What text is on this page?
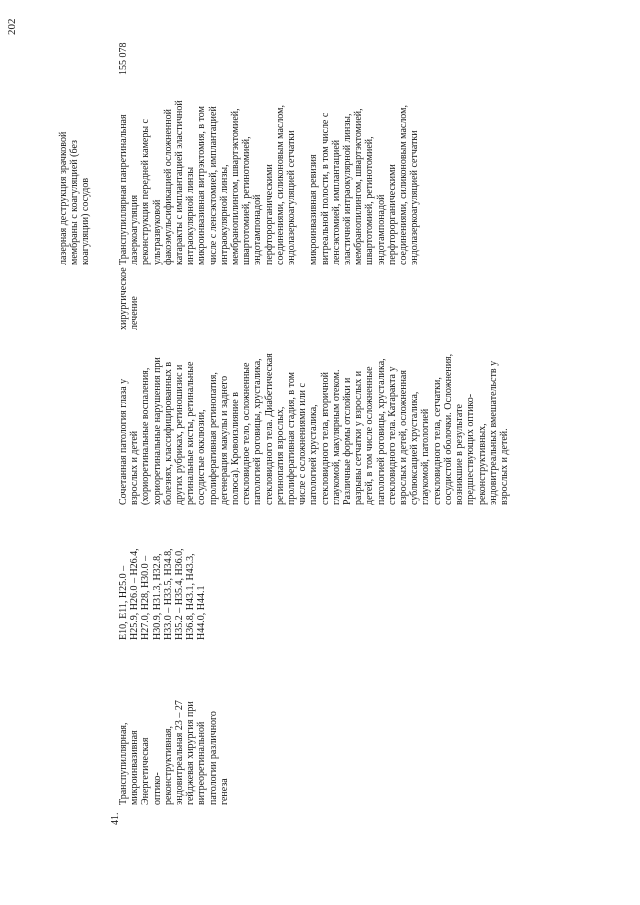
202
41.
Транспупиллярная, микроинвазивная Энергетическая оптико- реконструктивная, эндовитреальная 23 – 27 гейджевая хирургия при витреоретинальной патологии различного генеза
E10, E11, H25.0 – H25.9, H26.0 – H26.4, H27.0, H28, H30.0 – H30.9, H31.3, H32.8, H33.0 – H33.5, H34.8, H35.2 – H35.4, H36.0, H36.8, H43.1, H43.3, H44.0, H44.1
Сочетанная патология глаза у взрослых и детей (хориоретинальные воспаления, хориоретинальные нарушения при болезнях, классифицированных в других рубриках, ретиношизис и ретинальные кисты, ретинальные сосудистые окклюзии, пролиферативная ретинопатия, дегенерация макулы и заднего полюса). Кровоизлияние в стекловидное тело, осложненные патологией роговицы, хрусталика, стекловидного тела. Диабетическая ретинопатия взрослых, пролиферативная стадия, в том числе с осложнениями или с патологией хрусталика, стекловидного тела, вторичной глаукомой, макулярным отеком. Различные формы отслойки и разрывы сетчатки у взрослых и детей, в том числе осложненные патологией роговицы, хрусталика, стекловидного тела. Катаракта у взрослых и детей, осложненная сублюксацией хрусталика, глаукомой, патологией стекловидного тела, сетчатки, сосудистой оболочки. Осложнения, возникшие в результате предшествующих оптико- реконструктивных, эндовитреальных вмешательств у взрослых и детей.
хирургическое лечение
лазерная деструкция зрачковой мембраны с коагуляцией (без коагуляции) сосудов	Транспупиллярная панретинальная лазеркоагуляция реконструкция передней камеры с ультразвуковой факоэмульсификацией осложненной катаракты с имплантацией эластичной интраокулярной линзы микроинвазивная витрэктомия, в том числе с ленсэктомией, имплантацией интраокулярной линзы, мембранопилингом, швартэктомией, швартотомией, ретинотомией, эндотампонадой перфторорганическими соединениями, силиконовым маслом, эндолазеркоагуляцией сетчатки
микроинвазивная ревизия витреальной полости, в том числе с ленсэктомией, имплантацией эластичной интраокулярной линзы, мембранопилингом, швартэктомией, швартотомией, ретинотомией, эндотампонадой перфторорганическими соединениями, силиконовым маслом, эндолазеркоагуляцией сетчатки
155 078
